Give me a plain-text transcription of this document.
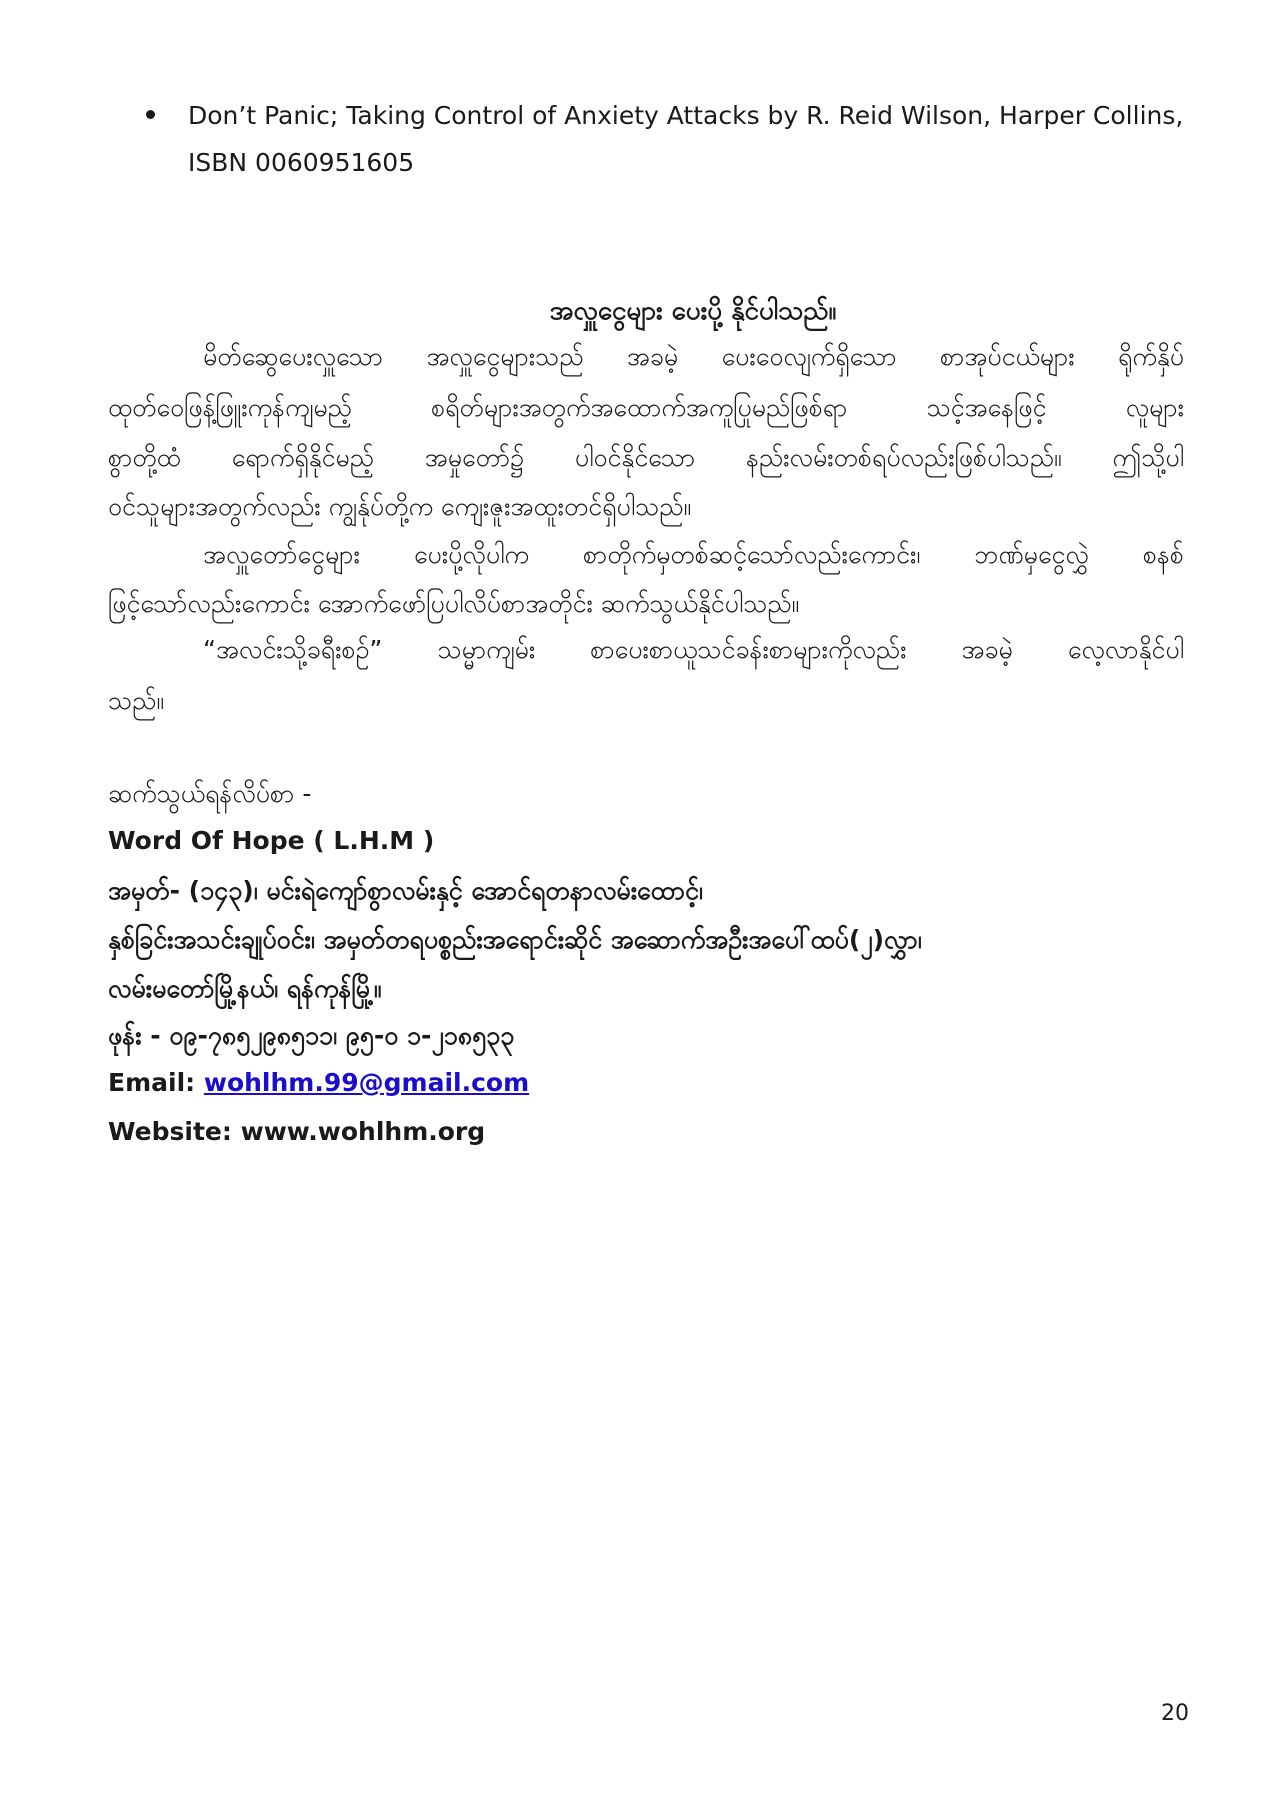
Don’t Panic; Taking Control of Anxiety Attacks by R. Reid Wilson, Harper Collins,
ISBN 0060951605
အလှူငွေများ ပေးပို့ နိုင်ပါသည်။
မိတ်ဆွေပေးလှူသော အလှူငွေများသည် အခမဲ့ ပေးဝေလျက်ရှိသော စာအုပ်ငယ်များ ရိုက်နှိပ်
ထုတ်ဝေဖြန့်ဖြူးကုန်ကျမည့် စရိတ်များအတွက်အထောက်အကူပြုမည်ဖြစ်ရာ သင့်အနေဖြင့် လူများ
စွာတို့ထံ ရောက်ရှိနိုင်မည့် အမှုတော်၌ ပါဝင်နိုင်သော နည်းလမ်းတစ်ရပ်လည်းဖြစ်ပါသည်။ ဤသို့ပါ
ဝင်သူများအတွက်လည်း ကျွန်ုပ်တို့က ကျေးဇူးအထူးတင်ရှိပါသည်။
အလှူတော်ငွေများ ပေးပို့လိုပါက စာတိုက်မှတစ်ဆင့်သော်လည်းကောင်း၊ ဘဏ်မှငွေလွှဲ စနစ်
ဖြင့်သော်လည်းကောင်း အောက်ဖော်ပြပါလိပ်စာအတိုင်း ဆက်သွယ်နိုင်ပါသည်။
“အလင်းသို့ခရီးစဉ်” သမ္မာကျမ်း စာပေးစာယူသင်ခန်းစာများကိုလည်း အခမဲ့ လေ့လာနိုင်ပါ
သည်။
ဆက်သွယ်ရန်လိပ်စာ -
Word Of Hope ( L.H.M )
အမှတ်- (၁၄၃)၊ မင်းရဲကျော်စွာလမ်းနှင့် အောင်ရတနာလမ်းထောင့်၊
နှစ်ခြင်းအသင်းချုပ်ဝင်း၊ အမှတ်တရပစ္စည်းအရောင်းဆိုင် အဆောက်အဦးအပေါ်ထပ်(၂)လွှာ၊
လမ်းမတော်မြို့နယ်၊ ရန်ကုန်မြို့။
ဖုန်း - ၀၉-၇၈၅၂၉၈၅၁၁၊ ၉၅-၀ ၁-၂၁၈၅၃၃
Email: wohlhm.99@gmail.com
Website: www.wohlhm.org
20
